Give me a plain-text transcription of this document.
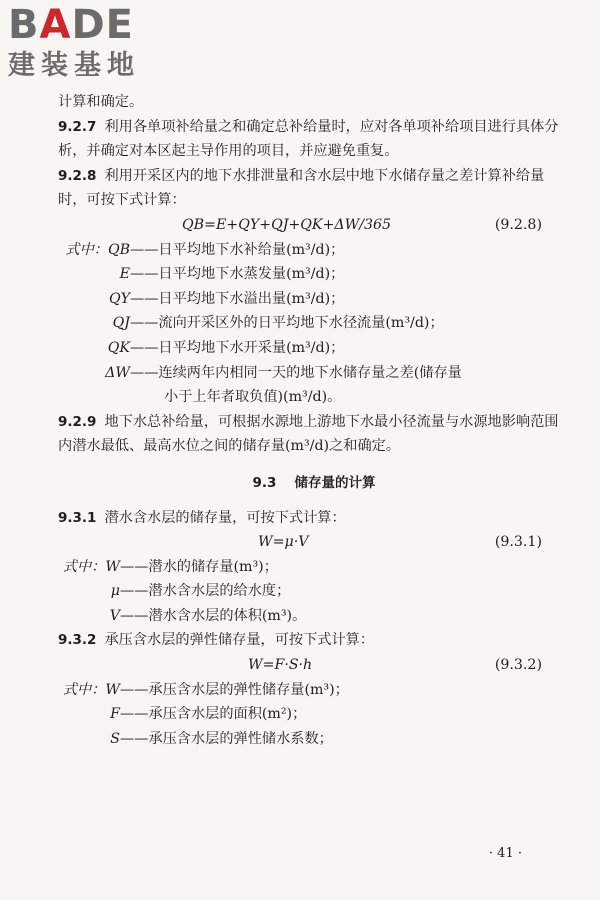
BADE
建装基地

计算和确定。

9.2.7 利用各单项补给量之和确定总补给量时，应对各单项补给项目进行具体分析，并确定对本区起主导作用的项目，并应避免重复。

9.2.8 利用开采区内的地下水排泄量和含水层中地下水储存量之差计算补给量时，可按下式计算：

QB=E+QY+QJ+QK+ΔW/365	(9.2.8)
式中：QB ——日平均地下水补给量(m³/d)；
E ——日平均地下水蒸发量(m³/d)；
QY ——日平均地下水溢出量(m³/d)；
QJ ——流向开采区外的日平均地下水径流量(m³/d)；
QK ——日平均地下水开采量(m³/d)；
ΔW ——连续两年内相同一天的地下水储存量之差(储存量

小于上年者取负值)(m³/d)。

9.2.9 地下水总补给量，可根据水源地上游地下水最小径流量与水源地影响范围内潜水最低、最高水位之间的储存量(m³/d)之和确定。

9.3 储存量的计算

9.3.1 潜水含水层的储存量，可按下式计算：

W=μ·V	(9.3.1)
式中：W ——潜水的储存量(m³)；
μ ——潜水含水层的给水度；
V ——潜水含水层的体积(m³)。

9.3.2 承压含水层的弹性储存量，可按下式计算：

W=F·S·h	(9.3.2)
式中：W ——承压含水层的弹性储存量(m³)；
F ——承压含水层的面积(m²)；
S ——承压含水层的弹性储水系数；
· 41 ·
